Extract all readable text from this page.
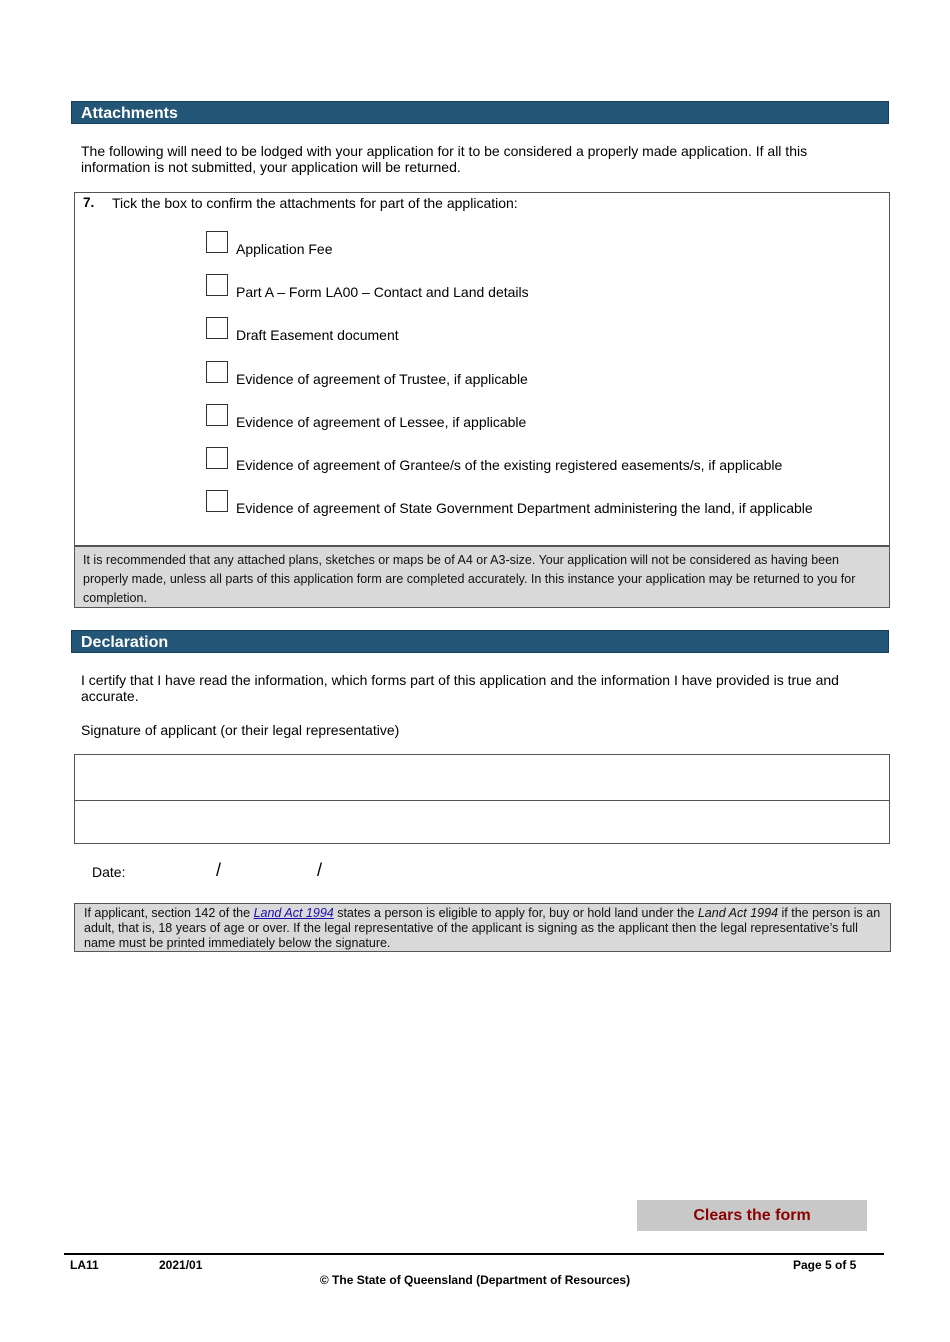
Attachments
The following will need to be lodged with your application for it to be considered a properly made application. If all this information is not submitted, your application will be returned.
7. Tick the box to confirm the attachments for part of the application:
Application Fee
Part A – Form LA00 – Contact and Land details
Draft Easement document
Evidence of agreement of Trustee, if applicable
Evidence of agreement of Lessee, if applicable
Evidence of agreement of Grantee/s of the existing registered easements/s, if applicable
Evidence of agreement of State Government Department administering the land, if applicable
It is recommended that any attached plans, sketches or maps be of A4 or A3-size. Your application will not be considered as having been properly made, unless all parts of this application form are completed accurately. In this instance your application may be returned to you for completion.
Declaration
I certify that I have read the information, which forms part of this application and the information I have provided is true and accurate.
Signature of applicant (or their legal representative)
Date:	/	/
If applicant, section 142 of the Land Act 1994 states a person is eligible to apply for, buy or hold land under the Land Act 1994 if the person is an adult, that is, 18 years of age or over. If the legal representative of the applicant is signing as the applicant then the legal representative’s full name must be printed immediately below the signature.
Clears the form
LA11	2021/01	Page 5 of 5
© The State of Queensland (Department of Resources)
